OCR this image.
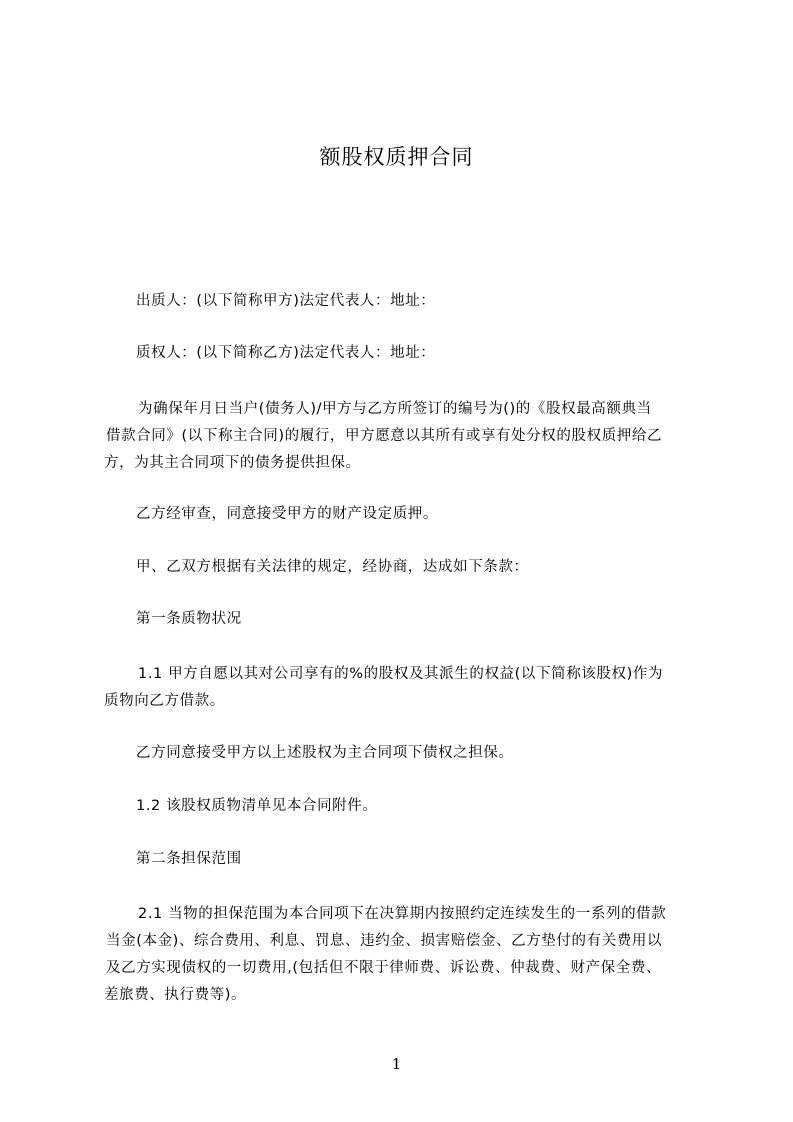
额股权质押合同
出质人：(以下简称甲方)法定代表人：地址：
质权人：(以下简称乙方)法定代表人：地址：
为确保年月日当户(债务人)/甲方与乙方所签订的编号为()的《股权最高额典当
借款合同》(以下称主合同)的履行，甲方愿意以其所有或享有处分权的股权质押给乙
方，为其主合同项下的债务提供担保。
乙方经审查，同意接受甲方的财产设定质押。
甲、乙双方根据有关法律的规定，经协商，达成如下条款：
第一条质物状况
1.1 甲方自愿以其对公司享有的%的股权及其派生的权益(以下简称该股权)作为
质物向乙方借款。
乙方同意接受甲方以上述股权为主合同项下债权之担保。
1.2 该股权质物清单见本合同附件。
第二条担保范围
2.1 当物的担保范围为本合同项下在决算期内按照约定连续发生的一系列的借款
当金(本金)、综合费用、利息、罚息、违约金、损害赔偿金、乙方垫付的有关费用以
及乙方实现债权的一切费用,(包括但不限于律师费、诉讼费、仲裁费、财产保全费、
差旅费、执行费等)。
1
